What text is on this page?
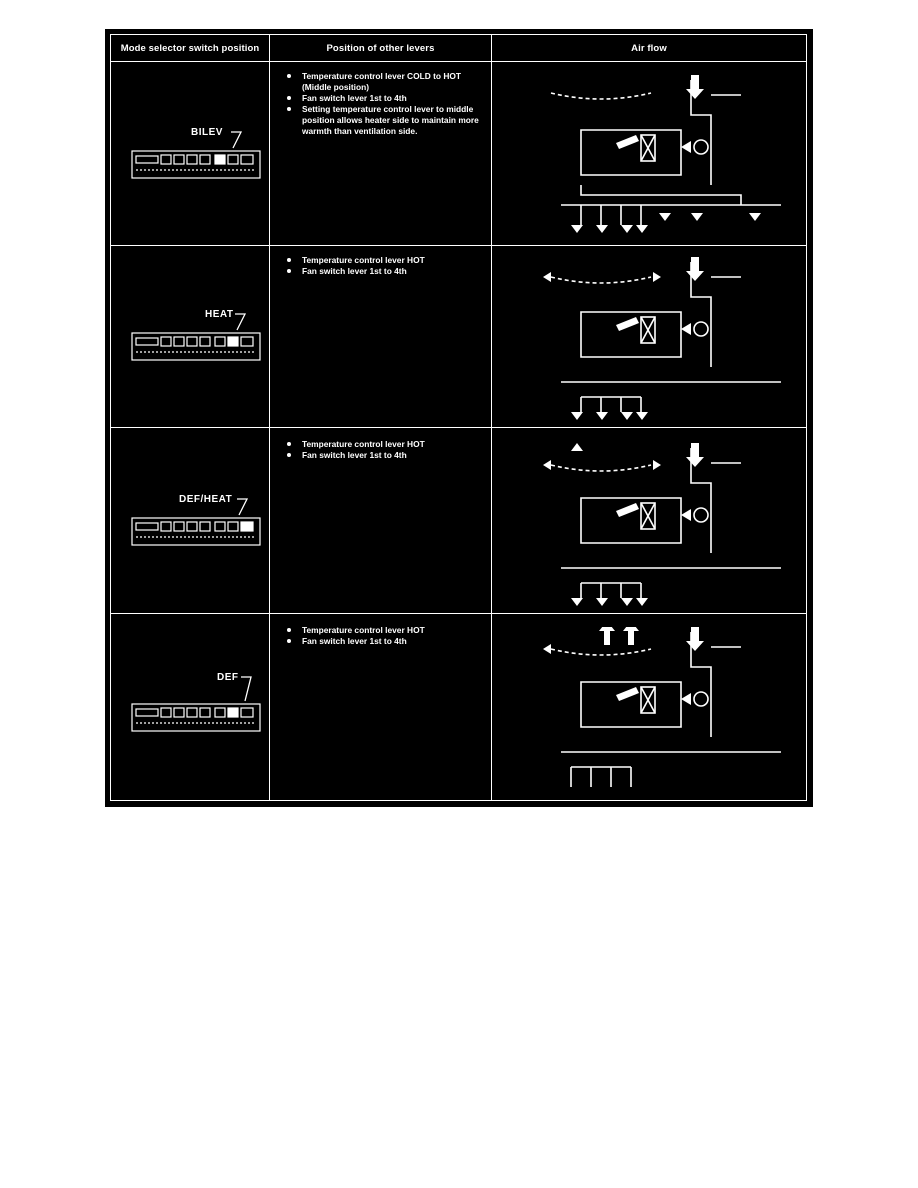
Mode selector switch position	Position of other levers	Air flow
BILEV
Temperature control lever COLD to HOT (Middle position)
Fan switch lever 1st to 4th
Setting temperature control lever to middle position allows heater side to maintain more warmth than ventilation side.
HEAT
Temperature control lever HOT
Fan switch lever 1st to 4th
DEF/HEAT
Temperature control lever HOT
Fan switch lever 1st to 4th
DEF
Temperature control lever HOT
Fan switch lever 1st to 4th
